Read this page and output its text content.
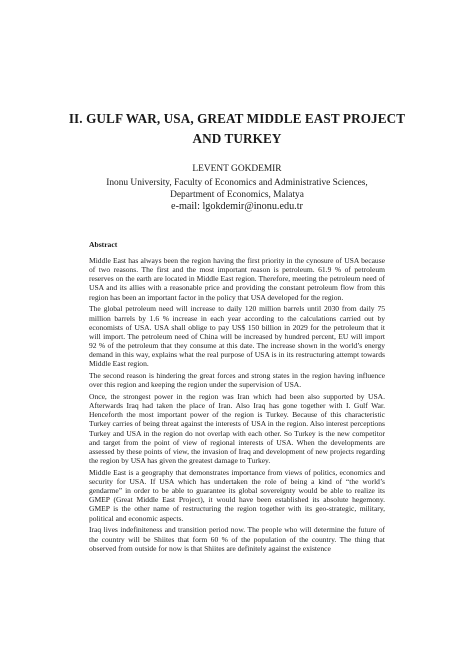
II. GULF WAR, USA, GREAT MIDDLE EAST PROJECT AND TURKEY
LEVENT GOKDEMIR
Inonu University, Faculty of Economics and Administrative Sciences,
Department of Economics, Malatya
e-mail: lgokdemir@inonu.edu.tr
Abstract

Middle East has always been the region having the first priority in the cynosure of USA because of two reasons. The first and the most important reason is petroleum. 61.9 % of petroleum reserves on the earth are located in Middle East region. Therefore, meeting the petroleum need of USA and its allies with a reasonable price and providing the constant petroleum flow from this region has been an important factor in the policy that USA developed for the region.

The global petroleum need will increase to daily 120 million barrels until 2030 from daily 75 million barrels by 1.6 % increase in each year according to the calculations carried out by economists of USA. USA shall oblige to pay US$ 150 billion in 2029 for the petroleum that it will import. The petroleum need of China will be increased by hundred percent, EU will import 92 % of the petroleum that they consume at this date. The increase shown in the world’s energy demand in this way, explains what the real purpose of USA is in its restructuring attempt towards Middle East region.

The second reason is hindering the great forces and strong states in the region having influence over this region and keeping the region under the supervision of USA.

Once, the strongest power in the region was Iran which had been also supported by USA. Afterwards Iraq had taken the place of Iran. Also Iraq has gone together with I. Gulf War. Henceforth the most important power of the region is Turkey. Because of this characteristic Turkey carries of being threat against the interests of USA in the region. Also interest perceptions Turkey and USA in the region do not overlap with each other. So Turkey is the new competitor and target from the point of view of regional interests of USA. When the developments are assessed by these points of view, the invasion of Iraq and development of new projects regarding the region by USA has given the greatest damage to Turkey.

Middle East is a geography that demonstrates importance from views of politics, economics and security for USA. If USA which has undertaken the role of being a kind of “the world’s gendarme” in order to be able to guarantee its global sovereignty would be able to realize its GMEP (Great Middle East Project), it would have been established its absolute hegemony. GMEP is the other name of restructuring the region together with its geo-strategic, military, political and economic aspects.

Iraq lives indefiniteness and transition period now. The people who will determine the future of the country will be Shiites that form 60 % of the population of the country. The thing that observed from outside for now is that Shiites are definitely against the existence
